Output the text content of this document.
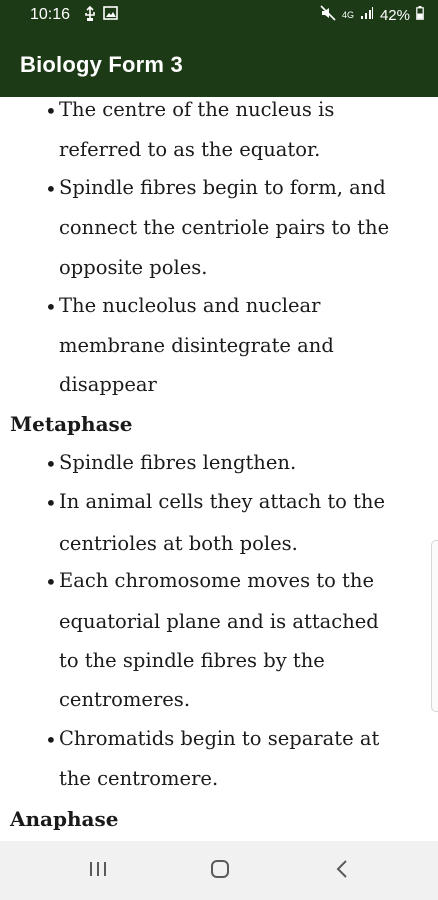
10:16	4G 42%
Biology Form 3
• The centre of the nucleus is
referred to as the equator.
• Spindle fibres begin to form, and
connect the centriole pairs to the
opposite poles.
• The nucleolus and nuclear
membrane disintegrate and
disappear
Metaphase
• Spindle fibres lengthen.
• In animal cells they attach to the
centrioles at both poles.
• Each chromosome moves to the
equatorial plane and is attached
to the spindle fibres by the
centromeres.
• Chromatids begin to separate at
the centromere.
Anaphase
